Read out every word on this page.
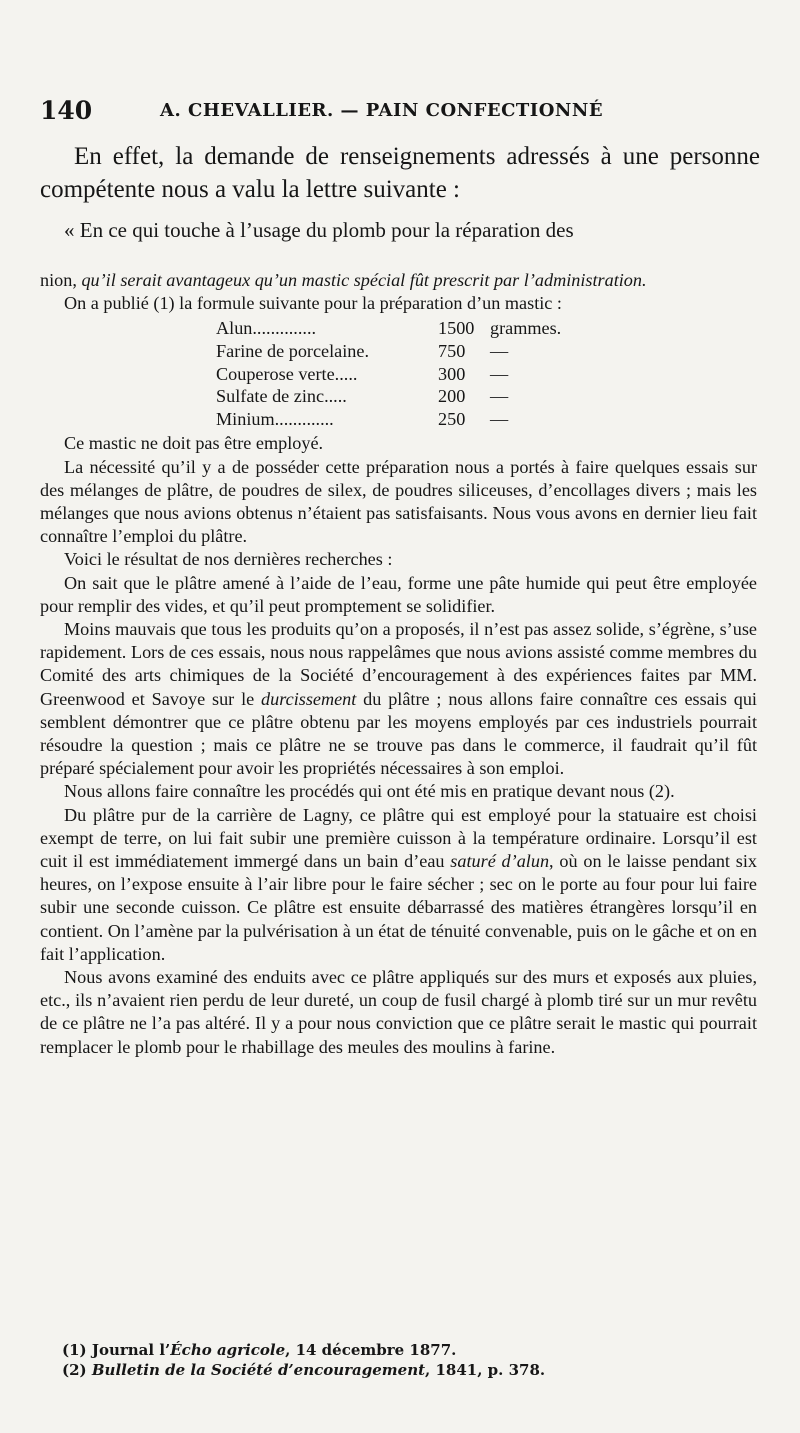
140	A. CHEVALLIER. — PAIN CONFECTIONNÉ

En effet, la demande de renseignements adressés à une personne compétente nous a valu la lettre suivante :

« En ce qui touche à l’usage du plomb pour la réparation des

nion, qu’il serait avantageux qu’un mastic spécial fût prescrit par l’administration.

On a publié (1) la formule suivante pour la préparation d’un mastic :

Alun..............	1500 grammes.
Farine de porcelaine.	750	—
Couperose verte.....	300	—
Sulfate de zinc.....	200	—
Minium.............	250	—

Ce mastic ne doit pas être employé.

La nécessité qu’il y a de posséder cette préparation nous a portés à faire quelques essais sur des mélanges de plâtre, de poudres de silex, de poudres siliceuses, d’encollages divers ; mais les mélanges que nous avions obtenus n’étaient pas satisfaisants. Nous vous avons en dernier lieu fait connaître l’emploi du plâtre.

Voici le résultat de nos dernières recherches :

On sait que le plâtre amené à l’aide de l’eau, forme une pâte humide qui peut être employée pour remplir des vides, et qu’il peut promptement se solidifier.

Moins mauvais que tous les produits qu’on a proposés, il n’est pas assez solide, s’égrène, s’use rapidement. Lors de ces essais, nous nous rappelâmes que nous avions assisté comme membres du Comité des arts chimiques de la Société d’encouragement à des expériences faites par MM. Greenwood et Savoye sur le durcissement du plâtre ; nous allons faire connaître ces essais qui semblent démontrer que ce plâtre obtenu par les moyens employés par ces industriels pourrait résoudre la question ; mais ce plâtre ne se trouve pas dans le commerce, il faudrait qu’il fût préparé spécialement pour avoir les propriétés nécessaires à son emploi.

Nous allons faire connaître les procédés qui ont été mis en pratique devant nous (2).

Du plâtre pur de la carrière de Lagny, ce plâtre qui est employé pour la statuaire est choisi exempt de terre, on lui fait subir une première cuisson à la température ordinaire. Lorsqu’il est cuit il est immédiatement immergé dans un bain d’eau saturé d’alun, où on le laisse pendant six heures, on l’expose ensuite à l’air libre pour le faire sécher ; sec on le porte au four pour lui faire subir une seconde cuisson. Ce plâtre est ensuite débarrassé des matières étrangères lorsqu’il en contient. On l’amène par la pulvérisation à un état de ténuité convenable, puis on le gâche et on en fait l’application.

Nous avons examiné des enduits avec ce plâtre appliqués sur des murs et exposés aux pluies, etc., ils n’avaient rien perdu de leur dureté, un coup de fusil chargé à plomb tiré sur un mur revêtu de ce plâtre ne l’a pas altéré. Il y a pour nous conviction que ce plâtre serait le mastic qui pourrait remplacer le plomb pour le rhabillage des meules des moulins à farine.

(1) Journal l’Écho agricole, 14 décembre 1877.
(2) Bulletin de la Société d’encouragement, 1841, p. 378.
